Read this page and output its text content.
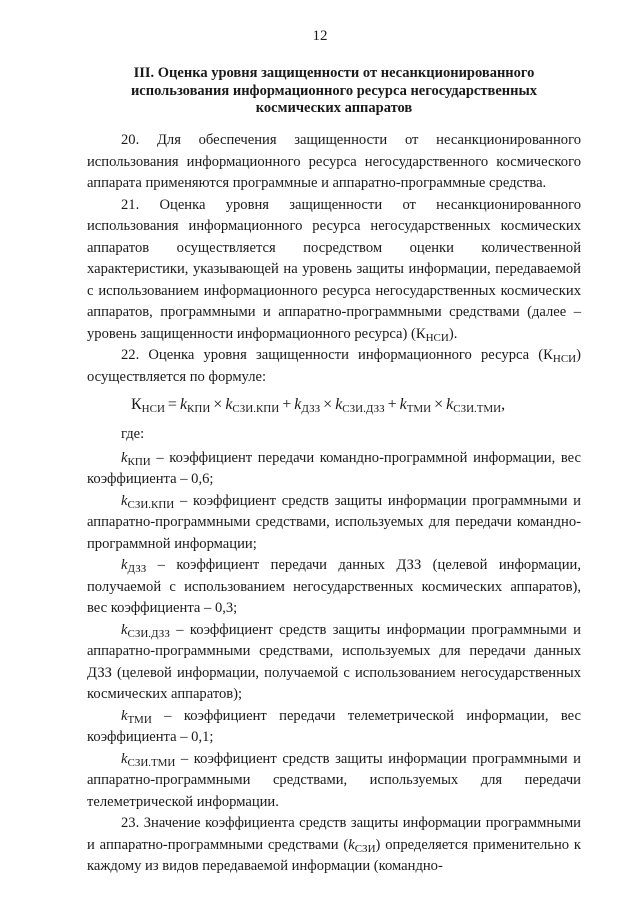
12
III. Оценка уровня защищенности от несанкционированного использования информационного ресурса негосударственных космических аппаратов

20. Для обеспечения защищенности от несанкционированного использования информационного ресурса негосударственного космического аппарата применяются программные и аппаратно-программные средства.

21. Оценка уровня защищенности от несанкционированного использования информационного ресурса негосударственных космических аппаратов осуществляется посредством оценки количественной характеристики, указывающей на уровень защиты информации, передаваемой с использованием информационного ресурса негосударственных космических аппаратов, программными и аппаратно-программными средствами (далее – уровень защищенности информационного ресурса) $(К_{НСИ})$.

22. Оценка уровня защищенности информационного ресурса $(К_{НСИ})$ осуществляется по формуле:

$К_{НСИ} = k_{КПИ} \times k_{СЗИ.КПИ} + k_{ДЗЗ} \times k_{СЗИ.ДЗЗ} + k_{ТМИ} \times k_{СЗИ.ТМИ}$,

где:

$k_{КПИ}$ – коэффициент передачи командно-программной информации, вес коэффициента – 0,6;

$k_{СЗИ.КПИ}$ – коэффициент средств защиты информации программными и аппаратно-программными средствами, используемых для передачи командно-программной информации;

$k_{ДЗЗ}$ – коэффициент передачи данных ДЗЗ (целевой информации, получаемой с использованием негосударственных космических аппаратов), вес коэффициента – 0,3;

$k_{СЗИ.ДЗЗ}$ – коэффициент средств защиты информации программными и аппаратно-программными средствами, используемых для передачи данных ДЗЗ (целевой информации, получаемой с использованием негосударственных космических аппаратов);

$k_{ТМИ}$ – коэффициент передачи телеметрической информации, вес коэффициента – 0,1;

$k_{СЗИ.ТМИ}$ – коэффициент средств защиты информации программными и аппаратно-программными средствами, используемых для передачи телеметрической информации.

23. Значение коэффициента средств защиты информации программными и аппаратно-программными средствами $(k_{СЗИ})$ определяется применительно к каждому из видов передаваемой информации (командно-
